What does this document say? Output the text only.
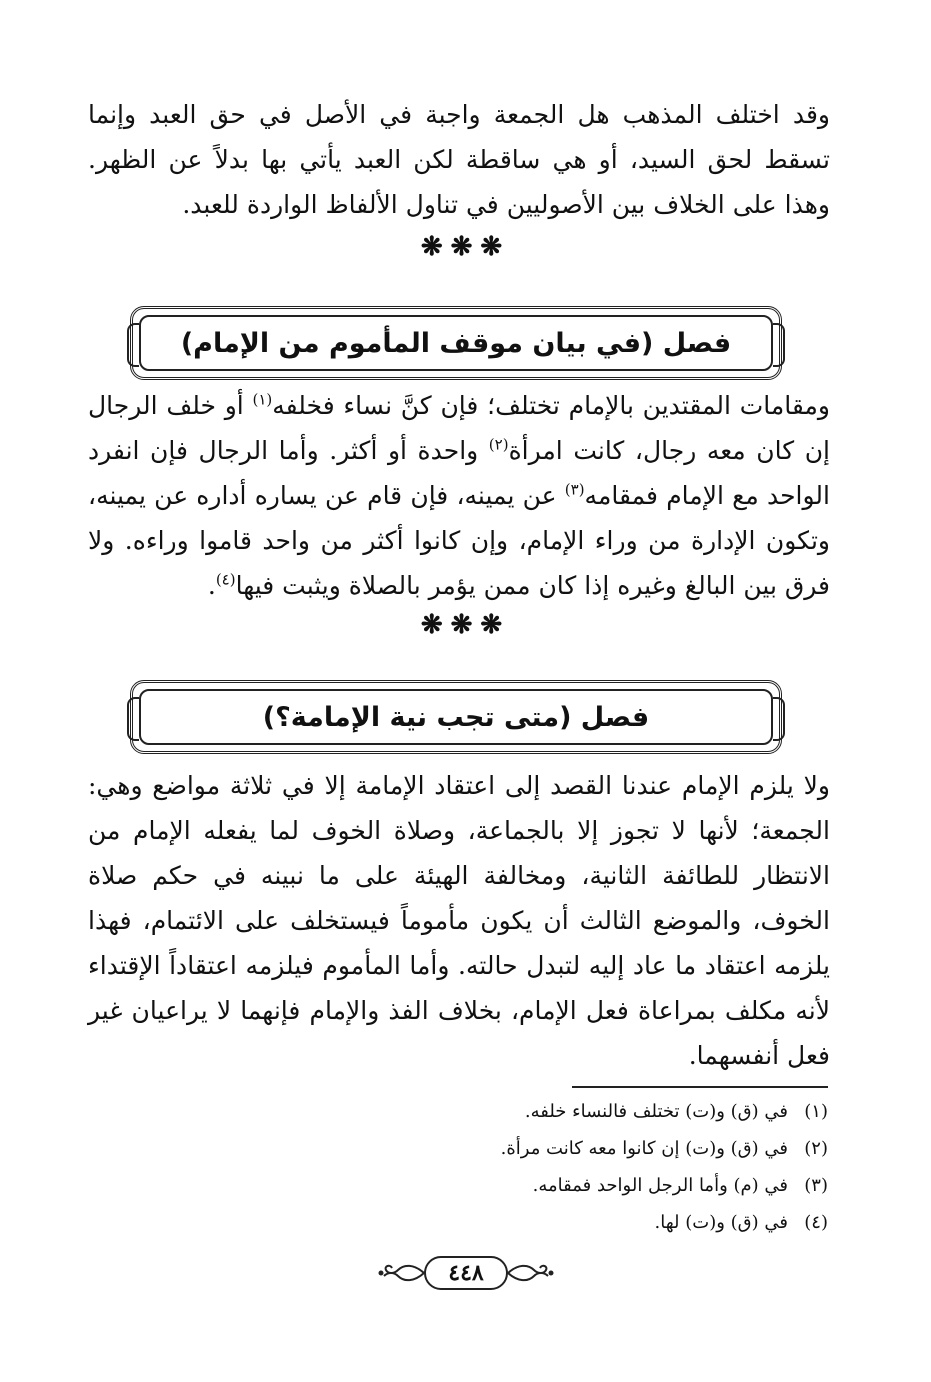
وقد اختلف المذهب هل الجمعة واجبة في الأصل في حق العبد وإنما تسقط لحق السيد، أو هي ساقطة لكن العبد يأتي بها بدلاً عن الظهر. وهذا على الخلاف بين الأصوليين في تناول الألفاظ الواردة للعبد.

❋❋❋
فصل (في بيان موقف المأموم من الإمام)

ومقامات المقتدين بالإمام تختلف؛ فإن كنَّ نساء فخلفه$^{(١)}$ أو خلف الرجال إن كان معه رجال، كانت امرأة$^{(٢)}$ واحدة أو أكثر. وأما الرجال فإن انفرد الواحد مع الإمام فمقامه$^{(٣)}$ عن يمينه، فإن قام عن يساره أداره عن يمينه، وتكون الإدارة من وراء الإمام، وإن كانوا أكثر من واحد قاموا وراءه. ولا فرق بين البالغ وغيره إذا كان ممن يؤمر بالصلاة ويثبت فيها$^{(٤)}$.

❋❋❋
فصل (متى تجب نية الإمامة؟)

ولا يلزم الإمام عندنا القصد إلى اعتقاد الإمامة إلا في ثلاثة مواضع وهي: الجمعة؛ لأنها لا تجوز إلا بالجماعة، وصلاة الخوف لما يفعله الإمام من الانتظار للطائفة الثانية، ومخالفة الهيئة على ما نبينه في حكم صلاة الخوف، والموضع الثالث أن يكون مأموماً فيستخلف على الائتمام، فهذا يلزمه اعتقاد ما عاد إليه لتبدل حالته. وأما المأموم فيلزمه اعتقاداً الإقتداء لأنه مكلف بمراعاة فعل الإمام، بخلاف الفذ والإمام فإنهما لا يراعيان غير فعل أنفسهما.

(١)
في (ق) و(ت) تختلف فالنساء خلفه.
(٢)
في (ق) و(ت) إن كانوا معه كانت مرأة.
(٣)
في (م) وأما الرجل الواحد فمقامه.
(٤)
في (ق) و(ت) لها.
٤٤٨
